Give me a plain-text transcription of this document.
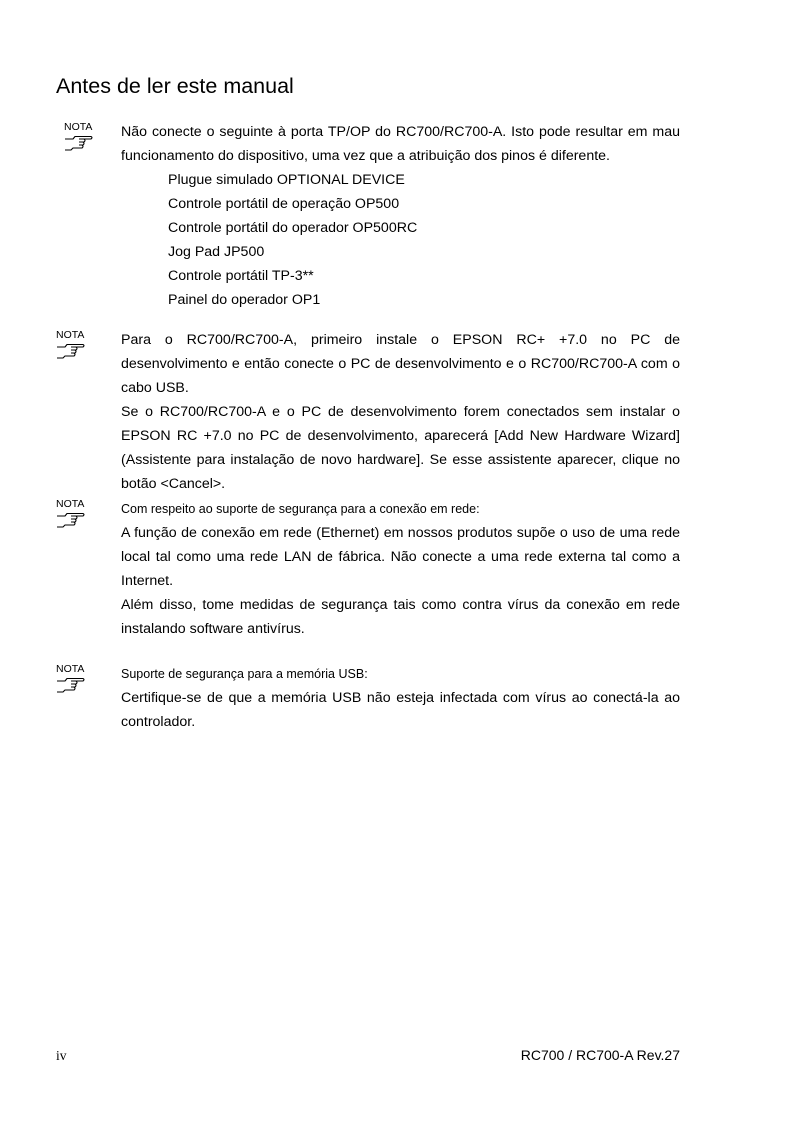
Antes de ler este manual
NOTA	Não conecte o seguinte à porta TP/OP do RC700/RC700-A. Isto pode resultar em mau funcionamento do dispositivo, uma vez que a atribuição dos pinos é diferente.

Plugue simulado OPTIONAL DEVICE
Controle portátil de operação OP500
Controle portátil do operador OP500RC
Jog Pad JP500
Controle portátil TP-3**
Painel do operador OP1
NOTA	Para o RC700/RC700-A, primeiro instale o EPSON RC+ +7.0 no PC de desenvolvimento e então conecte o PC de desenvolvimento e o RC700/RC700-A com o cabo USB.

Se o RC700/RC700-A e o PC de desenvolvimento forem conectados sem instalar o EPSON RC +7.0 no PC de desenvolvimento, aparecerá [Add New Hardware Wizard] (Assistente para instalação de novo hardware]. Se esse assistente aparecer, clique no botão <Cancel>.

NOTA	Com respeito ao suporte de segurança para a conexão em rede:

A função de conexão em rede (Ethernet) em nossos produtos supõe o uso de uma rede local tal como uma rede LAN de fábrica. Não conecte a uma rede externa tal como a Internet.

Além disso, tome medidas de segurança tais como contra vírus da conexão em rede instalando software antivírus.

NOTA	Suporte de segurança para a memória USB:

Certifique-se de que a memória USB não esteja infectada com vírus ao conectá-la ao controlador.

iv	RC700 / RC700-A Rev.27
